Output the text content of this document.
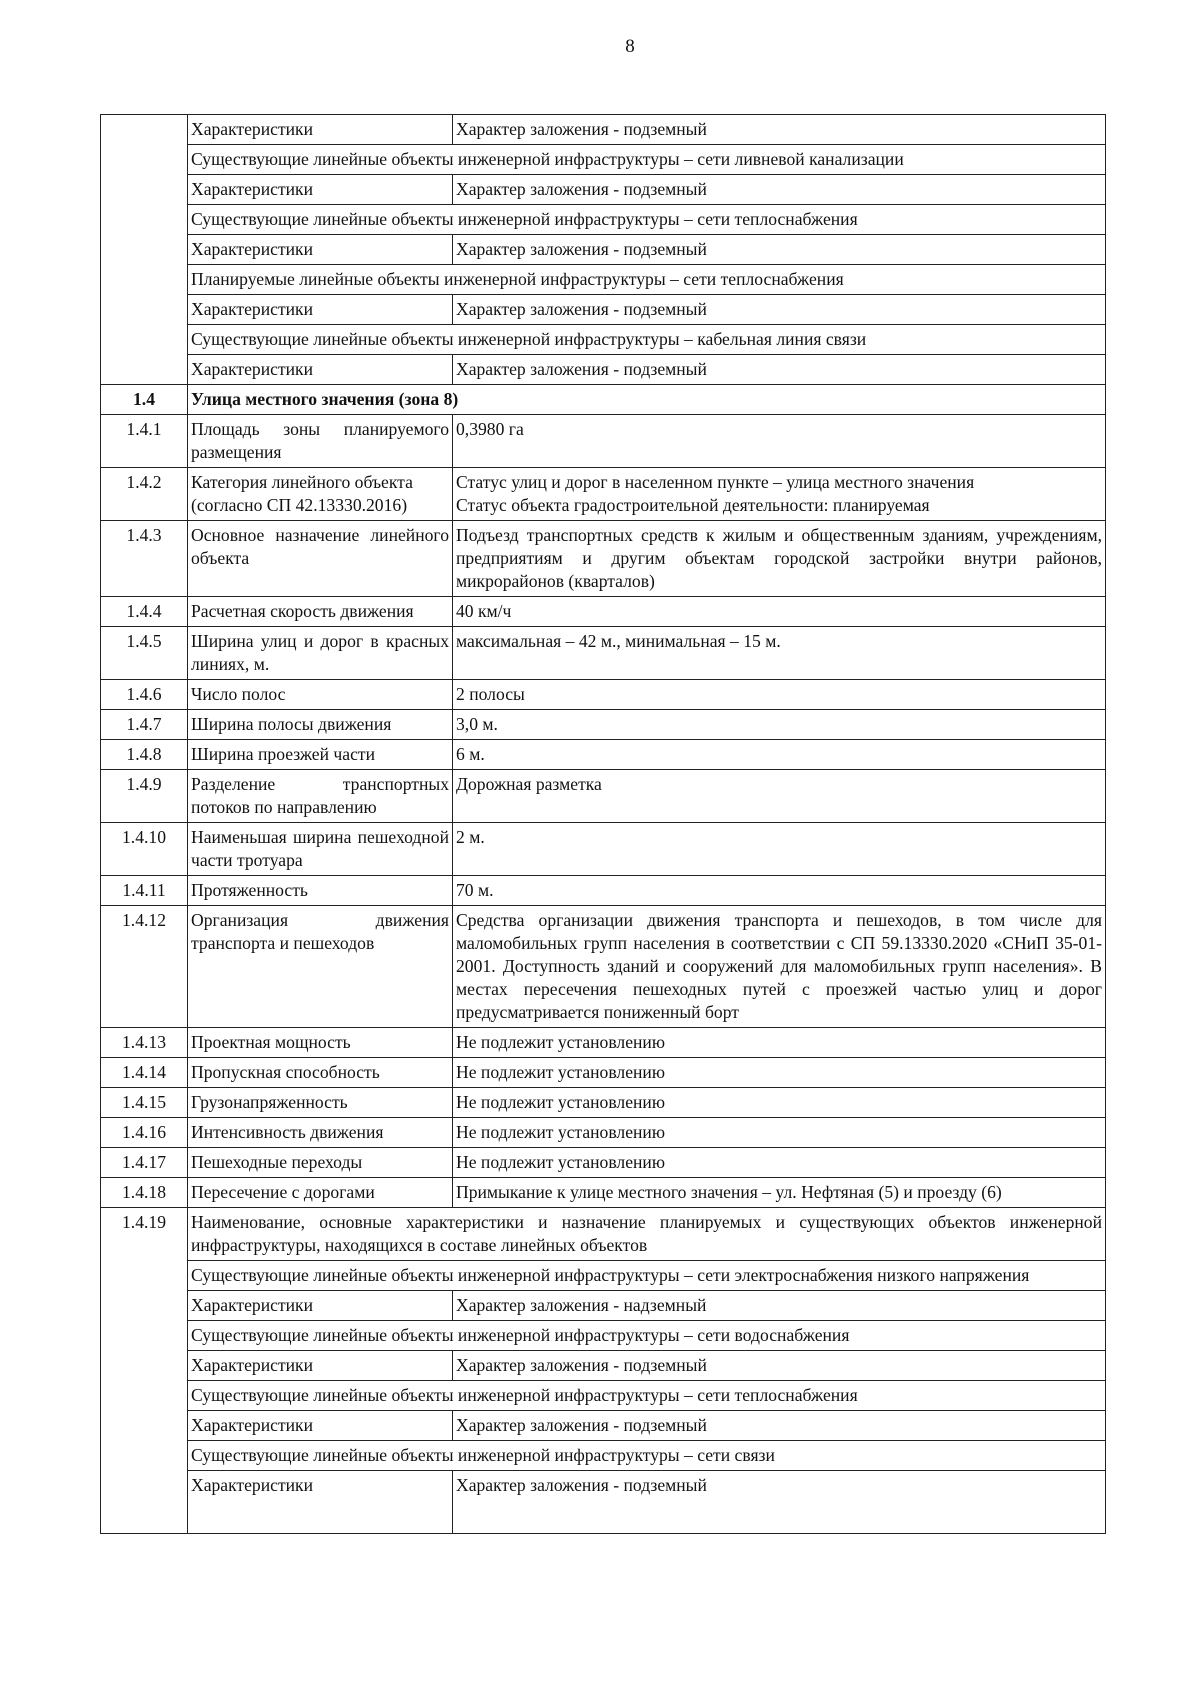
8
	Характеристики	Характер заложения - подземный
	Существующие линейные объекты инженерной инфраструктуры – сети ливневой канализации	
	Характеристики	Характер заложения - подземный
	Существующие линейные объекты инженерной инфраструктуры – сети теплоснабжения	
	Характеристики	Характер заложения - подземный
	Планируемые линейные объекты инженерной инфраструктуры – сети теплоснабжения	
	Характеристики	Характер заложения - подземный
	Существующие линейные объекты инженерной инфраструктуры – кабельная линия связи	
	Характеристики	Характер заложения - подземный
1.4	Улица местного значения (зона 8)	
1.4.1	Площадь зоны планируемого размещения	0,3980 га
1.4.2	Категория линейного объекта (согласно СП 42.13330.2016)	Статус улиц и дорог в населенном пункте – улица местного значения
Статус объекта градостроительной деятельности: планируемая

1.4.3	Основное назначение линейного объекта	Подъезд транспортных средств к жилым и общественным зданиям, учреждениям, предприятиям и другим объектам городской застройки внутри районов, микрорайонов (кварталов)
1.4.4	Расчетная скорость движения	40 км/ч
1.4.5	Ширина улиц и дорог в красных линиях, м.	максимальная – 42 м., минимальная – 15 м.
1.4.6	Число полос	2 полосы
1.4.7	Ширина полосы движения	3,0 м.
1.4.8	Ширина проезжей части	6 м.
1.4.9	Разделение транспортных потоков по направлению	Дорожная разметка
1.4.10	Наименьшая ширина пешеходной части тротуара	2 м.
1.4.11	Протяженность	70 м.
1.4.12	Организация движения транспорта и пешеходов	Средства организации движения транспорта и пешеходов, в том числе для маломобильных групп населения в соответствии с СП 59.13330.2020 «СНиП 35-01-2001. Доступность зданий и сооружений для маломобильных групп населения». В местах пересечения пешеходных путей с проезжей частью улиц и дорог предусматривается пониженный борт
1.4.13	Проектная мощность	Не подлежит установлению
1.4.14	Пропускная способность	Не подлежит установлению
1.4.15	Грузонапряженность	Не подлежит установлению
1.4.16	Интенсивность движения	Не подлежит установлению
1.4.17	Пешеходные переходы	Не подлежит установлению
1.4.18	Пересечение с дорогами	Примыкание к улице местного значения – ул. Нефтяная (5) и проезду (6)
1.4.19	Наименование, основные характеристики и назначение планируемых и существующих объектов инженерной инфраструктуры, находящихся в составе линейных объектов	
	Существующие линейные объекты инженерной инфраструктуры – сети электроснабжения низкого напряжения	
	Характеристики	Характер заложения - надземный
	Существующие линейные объекты инженерной инфраструктуры – сети водоснабжения	
	Характеристики	Характер заложения - подземный
	Существующие линейные объекты инженерной инфраструктуры – сети теплоснабжения	
	Характеристики	Характер заложения - подземный
	Существующие линейные объекты инженерной инфраструктуры – сети связи	
	Характеристики	Характер заложения - подземный
